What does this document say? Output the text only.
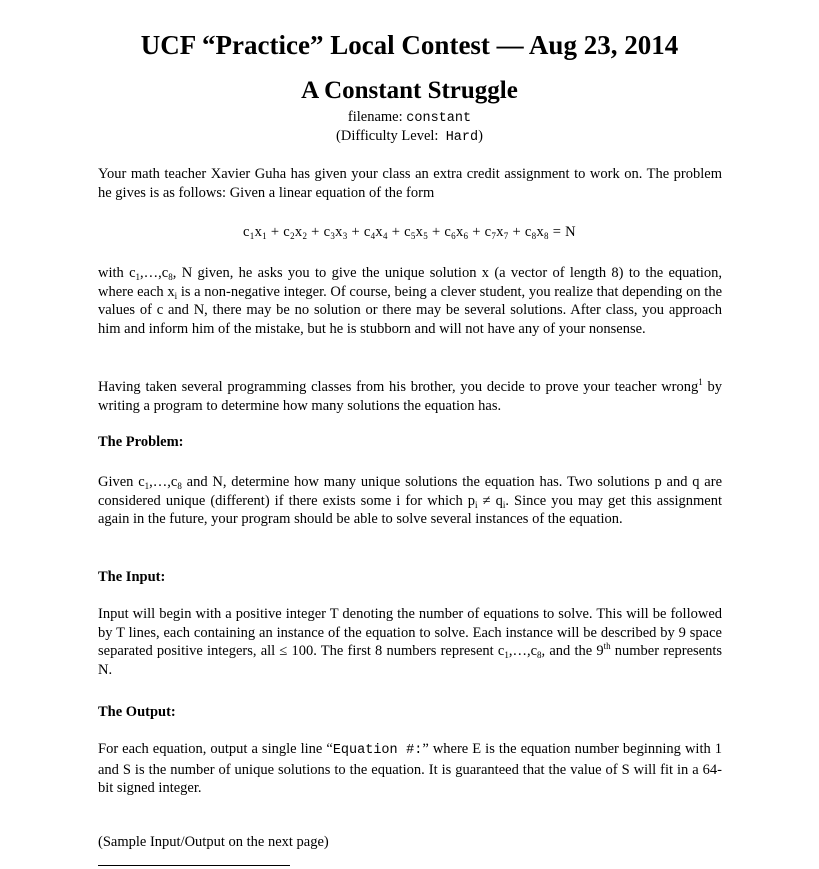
UCF “Practice” Local Contest — Aug 23, 2014
A Constant Struggle
filename: constant
(Difficulty Level: Hard)
Your math teacher Xavier Guha has given your class an extra credit assignment to work on. The problem he gives is as follows: Given a linear equation of the form
$c_1x_1 + c_2x_2 + c_3x_3 + c_4x_4 + c_5x_5 + c_6x_6 + c_7x_7 + c_8x_8 = N$
with $c_1,\dots,c_8$, N given, he asks you to give the unique solution x (a vector of length 8) to the equation, where each $x_i$ is a non-negative integer. Of course, being a clever student, you realize that depending on the values of c and N, there may be no solution or there may be several solutions. After class, you approach him and inform him of the mistake, but he is stubborn and will not have any of your nonsense.
Having taken several programming classes from his brother, you decide to prove your teacher wrong$^1$ by writing a program to determine how many solutions the equation has.
The Problem:
Given $c_1,\dots,c_8$ and N, determine how many unique solutions the equation has. Two solutions p and q are considered unique (different) if there exists some i for which $p_i \ne q_i$. Since you may get this assignment again in the future, your program should be able to solve several instances of the equation.
The Input:
Input will begin with a positive integer T denoting the number of equations to solve. This will be followed by T lines, each containing an instance of the equation to solve. Each instance will be described by 9 space separated positive integers, all ≤ 100. The first 8 numbers represent $c_1,\dots,c_8$, and the 9th number represents N.
The Output:
For each equation, output a single line “Equation #:” where E is the equation number beginning with 1 and S is the number of unique solutions to the equation. It is guaranteed that the value of S will fit in a 64-bit signed integer.
(Sample Input/Output on the next page)
